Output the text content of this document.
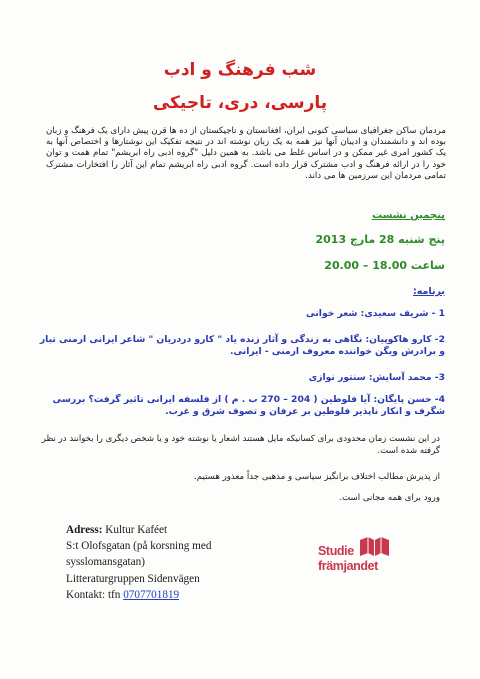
شب فرهنگ و ادب
پارسی، دری، تاجیکی
مردمان ساکن جغرافیای سیاسی کنونی ایران، افغانستان و تاجیکستان از ده ها قرن پیش دارای یک فرهنگ و زبان بوده اند و دانشمندان و ادیبان آنها نیز همه به یک زبان نوشته اند در نتیجه تفکیک این نوشتارها و اختصاص آنها به یک کشور امری غیر ممکن و در اساس غلط می باشد. به همین دلیل "گروه ادبی راه ابریشم" تمام همت و توان خود را در ارائه فرهنگ و ادب مشترک قرار داده است. گروه ادبی راه ابریشم تمام این آثار را افتخارات مشترک تمامی مردمان این سرزمین ها می داند.
پنجمین نشست
پنج شنبه 28 مارچ 2013
ساعت 18.00 – 20.00
برنامه:
1 - شریف سعیدی: شعر خوانی
2- کارو هاکوپیان: نگاهی به زندگی و آثار زنده یاد " کارو دردریان " شاعر ایرانی ارمنی تبار و برادرش ویگن خواننده معروف ارمنی - ایرانی.
3- محمد آسایش: سنتور نوازی
4- حسن پایگان: آیا فلوطین ( 204 – 270 ب . م ) از فلسفه ایرانی تاثیر گرفت؟ بررسی شگرف و انکار ناپذیر فلوطین بر عرفان و تصوف شرق و غرب.
در این نشست زمان محدودی برای کسانیکه مایل هستند اشعار یا نوشته خود و یا شخص دیگری را بخوانند در نظر گرفته شده است.
از پذیرش مطالب اختلاف برانگیز سیاسی و مذهبی جداً معذور هستیم.
ورود برای همه مجانی است.
Adress: Kultur Kaféet
S:t Olofsgatan (på korsning med sysslomansgatan)
Litteraturgruppen Sidenvägen
Kontakt: tfn 0707701819
Studie
främjandet
